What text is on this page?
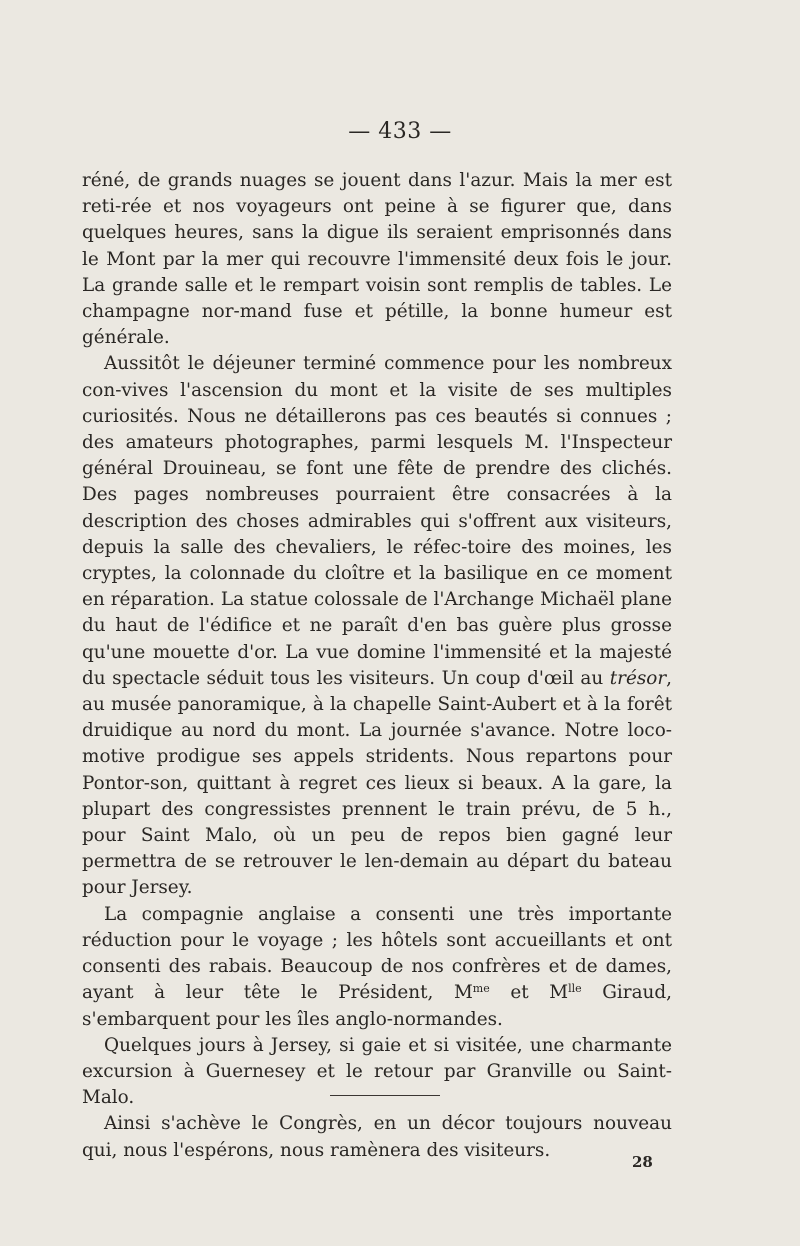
— 433 —

réné, de grands nuages se jouent dans l'azur. Mais la mer est reti-rée et nos voyageurs ont peine à se figurer que, dans quelques heures, sans la digue ils seraient emprisonnés dans le Mont par la mer qui recouvre l'immensité deux fois le jour. La grande salle et le rempart voisin sont remplis de tables. Le champagne nor-mand fuse et pétille, la bonne humeur est générale.

Aussitôt le déjeuner terminé commence pour les nombreux con-vives l'ascension du mont et la visite de ses multiples curiosités. Nous ne détaillerons pas ces beautés si connues ; des amateurs photographes, parmi lesquels M. l'Inspecteur général Drouineau, se font une fête de prendre des clichés. Des pages nombreuses pourraient être consacrées à la description des choses admirables qui s'offrent aux visiteurs, depuis la salle des chevaliers, le réfec-toire des moines, les cryptes, la colonnade du cloître et la basilique en ce moment en réparation. La statue colossale de l'Archange Michaël plane du haut de l'édifice et ne paraît d'en bas guère plus grosse qu'une mouette d'or. La vue domine l'immensité et la majesté du spectacle séduit tous les visiteurs. Un coup d'œil au trésor, au musée panoramique, à la chapelle Saint-Aubert et à la forêt druidique au nord du mont. La journée s'avance. Notre loco-motive prodigue ses appels stridents. Nous repartons pour Pontor-son, quittant à regret ces lieux si beaux. A la gare, la plupart des congressistes prennent le train prévu, de 5 h., pour Saint Malo, où un peu de repos bien gagné leur permettra de se retrouver le len-demain au départ du bateau pour Jersey.

La compagnie anglaise a consenti une très importante réduction pour le voyage ; les hôtels sont accueillants et ont consenti des rabais. Beaucoup de nos confrères et de dames, ayant à leur tête le Président, $M^{me}$ et $M^{lle}$ Giraud, s'embarquent pour les îles anglo-normandes.

Quelques jours à Jersey, si gaie et si visitée, une charmante excursion à Guernesey et le retour par Granville ou Saint-Malo.

Ainsi s'achève le Congrès, en un décor toujours nouveau qui, nous l'espérons, nous ramènera des visiteurs.

28
